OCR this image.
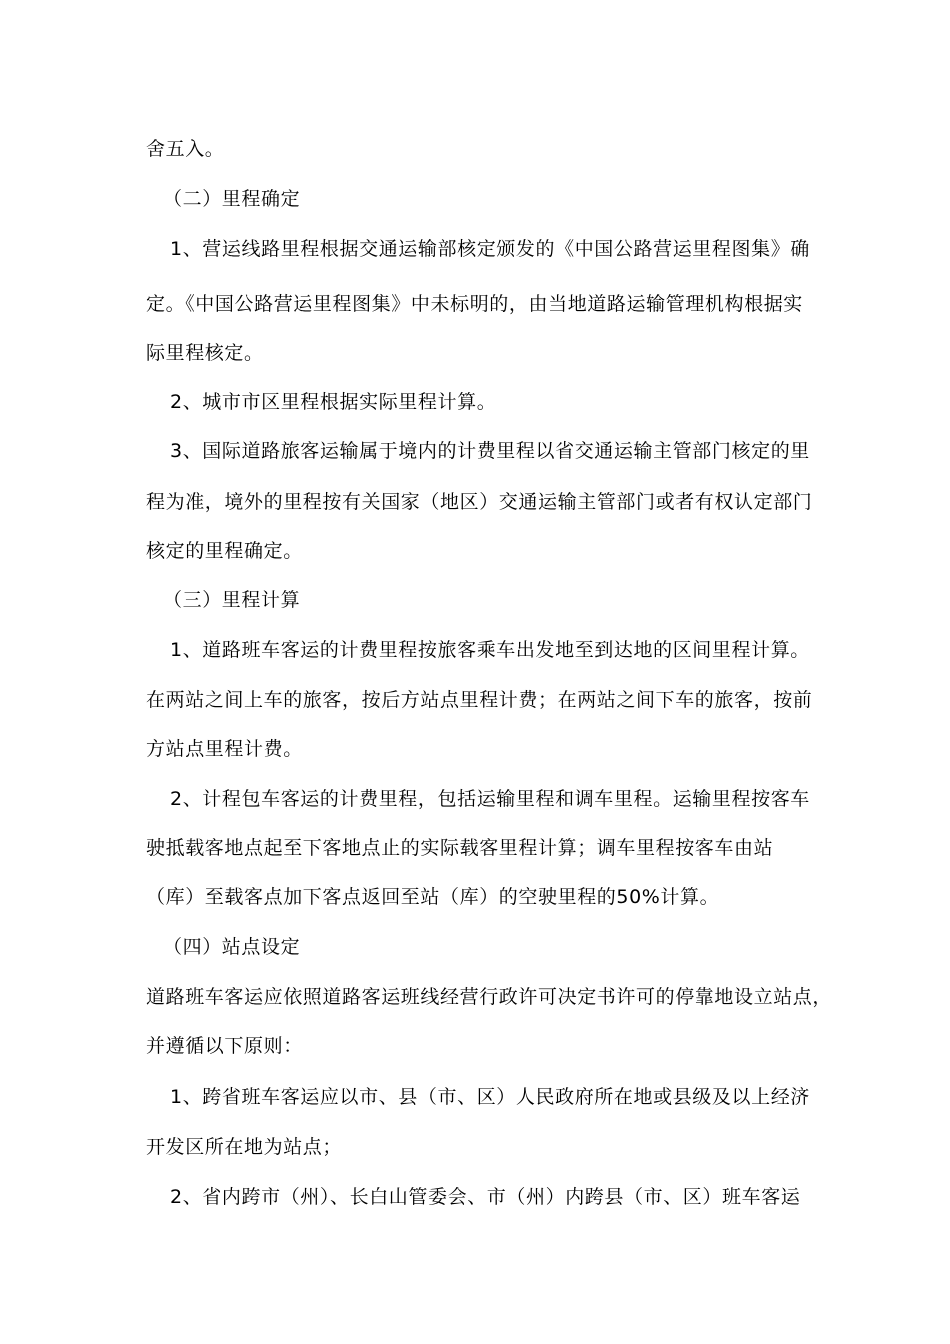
舍五入。
（二）里程确定
1、营运线路里程根据交通运输部核定颁发的《中国公路营运里程图集》确
定。《中国公路营运里程图集》中未标明的，由当地道路运输管理机构根据实
际里程核定。
2、城市市区里程根据实际里程计算。
3、国际道路旅客运输属于境内的计费里程以省交通运输主管部门核定的里
程为准，境外的里程按有关国家（地区）交通运输主管部门或者有权认定部门
核定的里程确定。
（三）里程计算
1、道路班车客运的计费里程按旅客乘车出发地至到达地的区间里程计算。
在两站之间上车的旅客，按后方站点里程计费；在两站之间下车的旅客，按前
方站点里程计费。
2、计程包车客运的计费里程，包括运输里程和调车里程。运输里程按客车
驶抵载客地点起至下客地点止的实际载客里程计算；调车里程按客车由站
（库）至载客点加下客点返回至站（库）的空驶里程的50%计算。
（四）站点设定
道路班车客运应依照道路客运班线经营行政许可决定书许可的停靠地设立站点，
并遵循以下原则：
1、跨省班车客运应以市、县（市、区）人民政府所在地或县级及以上经济
开发区所在地为站点；
2、省内跨市（州）、长白山管委会、市（州）内跨县（市、区）班车客运
